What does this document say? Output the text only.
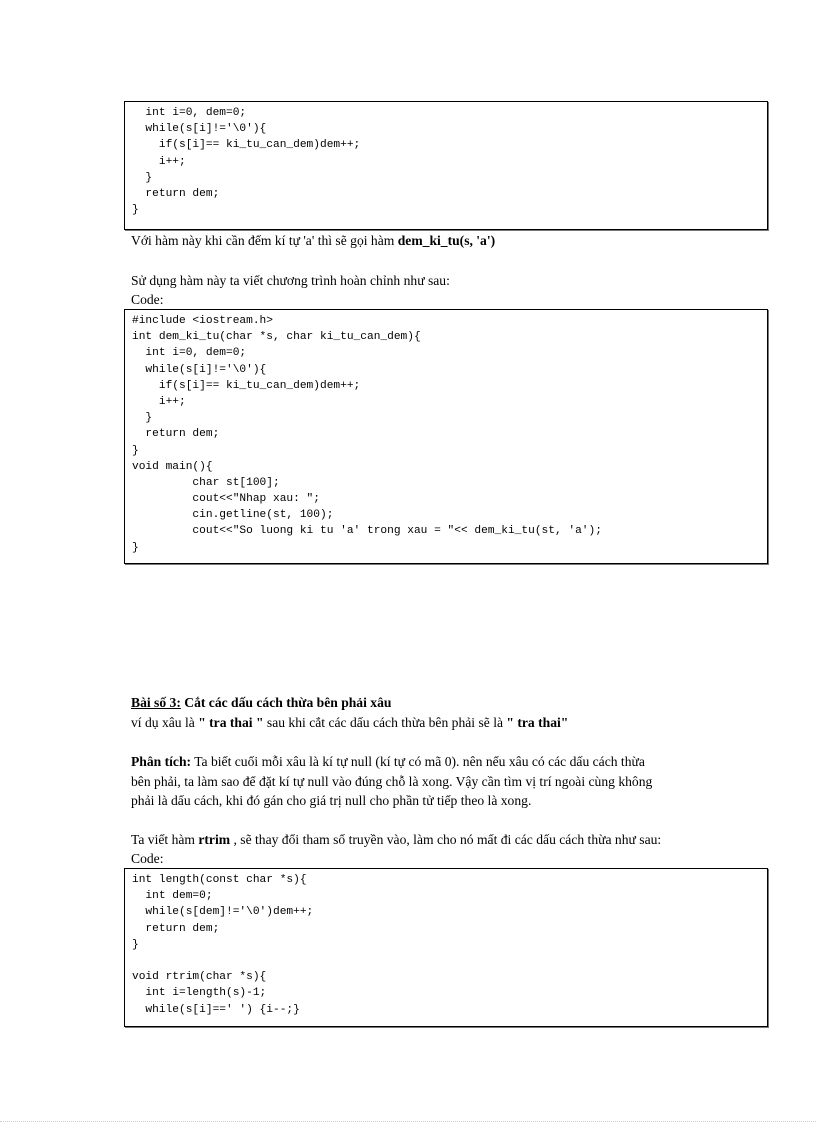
int i=0, dem=0;
while(s[i]!='\0'){
if(s[i]== ki_tu_can_dem)dem++;
i++;
}
return dem;
}
Với hàm này khi cần đếm kí tự 'a' thì sẽ gọi hàm dem_ki_tu(s, 'a')
Sử dụng hàm này ta viết chương trình hoàn chỉnh như sau:
Code:
#include <iostream.h>
int dem_ki_tu(char *s, char ki_tu_can_dem){
int i=0, dem=0;
while(s[i]!='\0'){
if(s[i]== ki_tu_can_dem)dem++;
i++;
}
return dem;
}
void main(){
char st[100];
cout<<"Nhap xau: ";
cin.getline(st, 100);
cout<<"So luong ki tu 'a' trong xau = "<< dem_ki_tu(st, 'a');
}
Bài số 3: Cắt các dấu cách thừa bên phải xâu
ví dụ xâu là " tra thai " sau khi cắt các dấu cách thừa bên phải sẽ là " tra thai"
Phân tích: Ta biết cuối mỗi xâu là kí tự null (kí tự có mã 0). nên nếu xâu có các dấu cách thừa
bên phải, ta làm sao để đặt kí tự null vào đúng chỗ là xong. Vậy cần tìm vị trí ngoài cùng không
phải là dấu cách, khi đó gán cho giá trị null cho phần tử tiếp theo là xong.
Ta viết hàm rtrim , sẽ thay đổi tham số truyền vào, làm cho nó mất đi các dấu cách thừa như sau:
Code:
int length(const char *s){
int dem=0;
while(s[dem]!='\0')dem++;
return dem;
}
void rtrim(char *s){
int i=length(s)-1;
while(s[i]==' ') {i--;}
